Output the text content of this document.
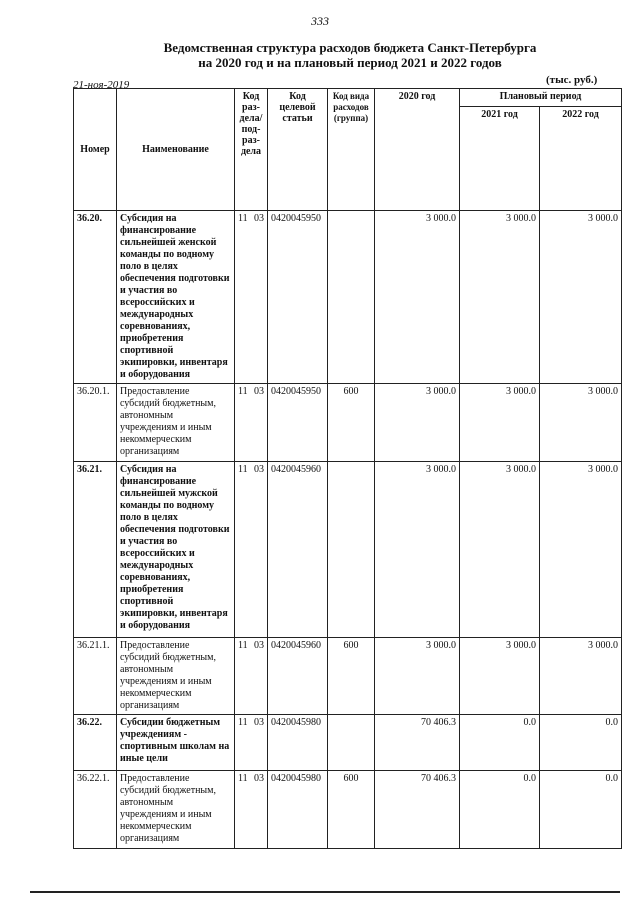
333
Ведомственная структура расходов бюджета Санкт-Петербурга
на 2020 год и на плановый период 2021 и 2022 годов
21-ноя-2019	(тыс. руб.)
Номер	Наименование	Код раз-дела/ под-раз-дела	Код целевой статьи	Код вида расходов (группа)	2020 год	Плановый период	
						2021 год	2022 год
36.20.	Субсидия на финансирование сильнейшей женской команды по водному поло в целях обеспечения подготовки и участия во всероссийских и международных соревнованиях, приобретения спортивной экипировки, инвентаря и оборудования	11 03	0420045950		3 000.0	3 000.0	3 000.0
36.20.1.	Предоставление субсидий бюджетным, автономным учреждениям и иным некоммерческим организациям	11 03	0420045950	600	3 000.0	3 000.0	3 000.0
36.21.	Субсидия на финансирование сильнейшей мужской команды по водному поло в целях обеспечения подготовки и участия во всероссийских и международных соревнованиях, приобретения спортивной экипировки, инвентаря и оборудования	11 03	0420045960		3 000.0	3 000.0	3 000.0
36.21.1.	Предоставление субсидий бюджетным, автономным учреждениям и иным некоммерческим организациям	11 03	0420045960	600	3 000.0	3 000.0	3 000.0
36.22.	Субсидии бюджетным учреждениям - спортивным школам на иные цели	11 03	0420045980		70 406.3	0.0	0.0
36.22.1.	Предоставление субсидий бюджетным, автономным учреждениям и иным некоммерческим организациям	11 03	0420045980	600	70 406.3	0.0	0.0
